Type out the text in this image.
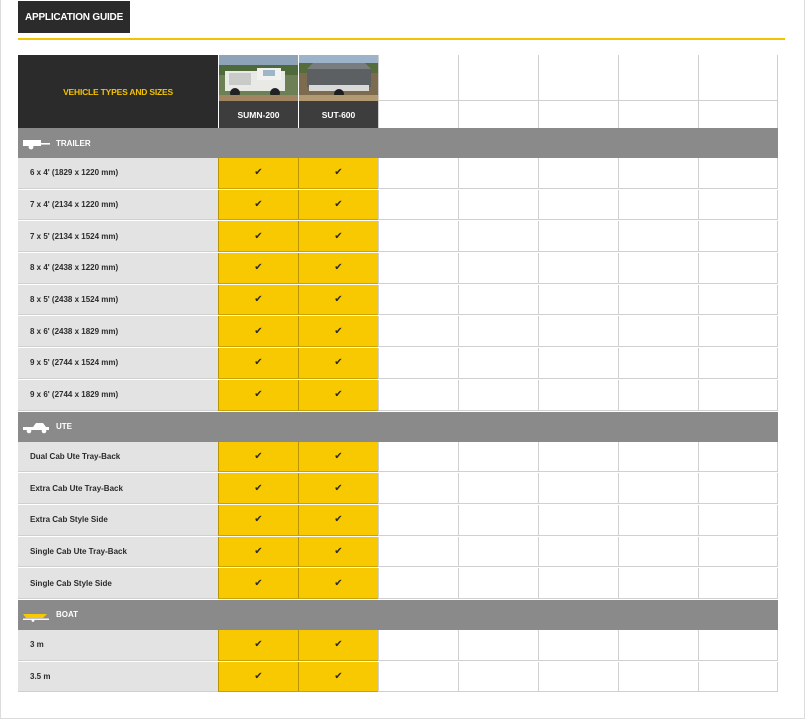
APPLICATION GUIDE
VEHICLE TYPES AND SIZES
SUMN-200	SUT-600
TRAILER
6 x 4' (1829 x 1220 mm)	✔	✔
7 x 4' (2134 x 1220 mm)	✔	✔
7 x 5' (2134 x 1524 mm)	✔	✔
8 x 4' (2438 x 1220 mm)	✔	✔
8 x 5' (2438 x 1524 mm)	✔	✔
8 x 6' (2438 x 1829 mm)	✔	✔
9 x 5' (2744 x 1524 mm)	✔	✔
9 x 6' (2744 x 1829 mm)	✔	✔
UTE
Dual Cab Ute Tray-Back	✔	✔
Extra Cab Ute Tray-Back	✔	✔
Extra Cab Style Side	✔	✔
Single Cab Ute Tray-Back	✔	✔
Single Cab Style Side	✔	✔
BOAT
3 m	✔	✔
3.5 m	✔	✔
